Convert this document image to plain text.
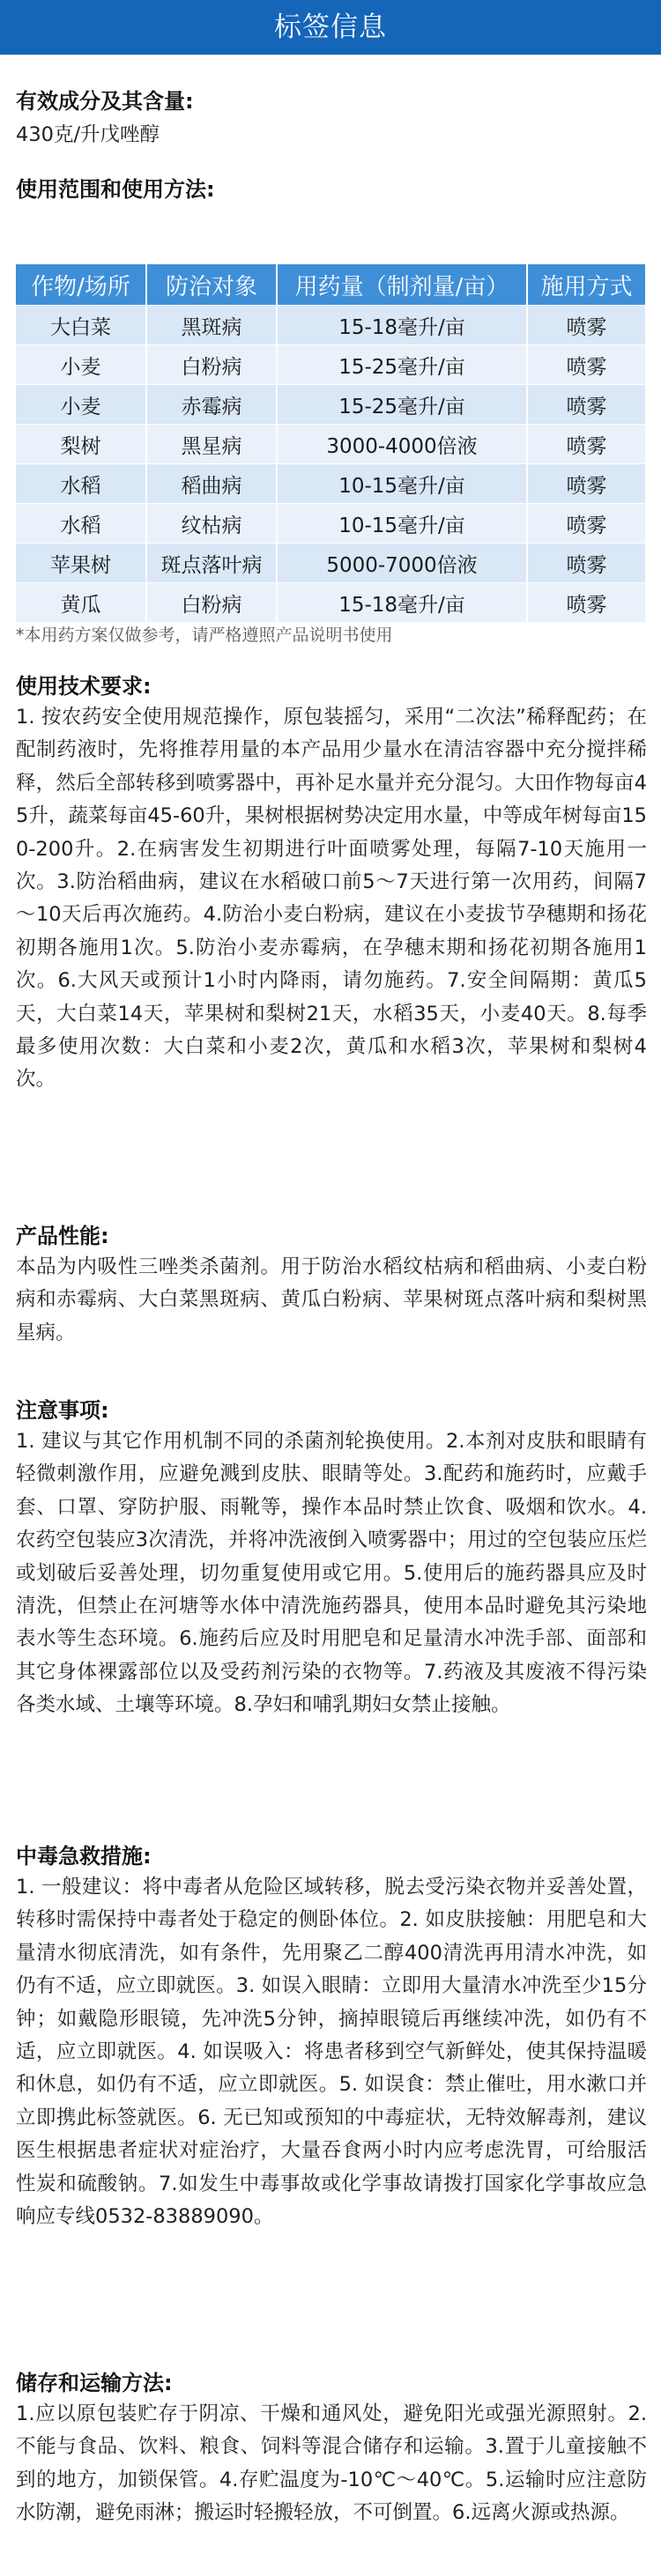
标签信息
有效成分及其含量:
430克/升戊唑醇
使用范围和使用方法:
作物/场所	防治对象	用药量（制剂量/亩）	施用方式
大白菜	黑斑病	15-18毫升/亩	喷雾
小麦	白粉病	15-25毫升/亩	喷雾
小麦	赤霉病	15-25毫升/亩	喷雾
梨树	黑星病	3000-4000倍液	喷雾
水稻	稻曲病	10-15毫升/亩	喷雾
水稻	纹枯病	10-15毫升/亩	喷雾
苹果树	斑点落叶病	5000-7000倍液	喷雾
黄瓜	白粉病	15-18毫升/亩	喷雾
*本用药方案仅做参考，请严格遵照产品说明书使用
使用技术要求:
1. 按农药安全使用规范操作，原包装摇匀，采用“二次法”稀释配药；在配制药液时，先将推荐用量的本产品用少量水在清洁容器中充分搅拌稀释，然后全部转移到喷雾器中，再补足水量并充分混匀。大田作物每亩45升，蔬菜每亩45-60升，果树根据树势决定用水量，中等成年树每亩150-200升。2.在病害发生初期进行叶面喷雾处理，每隔7-10天施用一次。3.防治稻曲病，建议在水稻破口前5～7天进行第一次用药，间隔7～10天后再次施药。4.防治小麦白粉病，建议在小麦拔节孕穗期和扬花初期各施用1次。5.防治小麦赤霉病，在孕穗末期和扬花初期各施用1次。6.大风天或预计1小时内降雨，请勿施药。7.安全间隔期：黄瓜5天，大白菜14天，苹果树和梨树21天，水稻35天，小麦40天。8.每季最多使用次数：大白菜和小麦2次，黄瓜和水稻3次，苹果树和梨树4次。
产品性能:
本品为内吸性三唑类杀菌剂。用于防治水稻纹枯病和稻曲病、小麦白粉病和赤霉病、大白菜黑斑病、黄瓜白粉病、苹果树斑点落叶病和梨树黑星病。
注意事项:
1. 建议与其它作用机制不同的杀菌剂轮换使用。2.本剂对皮肤和眼睛有轻微刺激作用，应避免溅到皮肤、眼睛等处。3.配药和施药时，应戴手套、口罩、穿防护服、雨靴等，操作本品时禁止饮食、吸烟和饮水。4.农药空包装应3次清洗，并将冲洗液倒入喷雾器中；用过的空包装应压烂或划破后妥善处理，切勿重复使用或它用。5.使用后的施药器具应及时清洗，但禁止在河塘等水体中清洗施药器具，使用本品时避免其污染地表水等生态环境。6.施药后应及时用肥皂和足量清水冲洗手部、面部和其它身体裸露部位以及受药剂污染的衣物等。7.药液及其废液不得污染各类水域、土壤等环境。8.孕妇和哺乳期妇女禁止接触。
中毒急救措施:
1. 一般建议：将中毒者从危险区域转移，脱去受污染衣物并妥善处置，转移时需保持中毒者处于稳定的侧卧体位。2. 如皮肤接触：用肥皂和大量清水彻底清洗，如有条件，先用聚乙二醇400清洗再用清水冲洗，如仍有不适，应立即就医。3. 如误入眼睛：立即用大量清水冲洗至少15分钟；如戴隐形眼镜，先冲洗5分钟，摘掉眼镜后再继续冲洗，如仍有不适，应立即就医。4. 如误吸入：将患者移到空气新鲜处，使其保持温暖和休息，如仍有不适，应立即就医。5. 如误食：禁止催吐，用水漱口并立即携此标签就医。6. 无已知或预知的中毒症状，无特效解毒剂，建议医生根据患者症状对症治疗，大量吞食两小时内应考虑洗胃，可给服活性炭和硫酸钠。7.如发生中毒事故或化学事故请拨打国家化学事故应急响应专线0532-83889090。
储存和运输方法:
1.应以原包装贮存于阴凉、干燥和通风处，避免阳光或强光源照射。2.不能与食品、饮料、粮食、饲料等混合储存和运输。3.置于儿童接触不到的地方，加锁保管。4.存贮温度为-10℃～40℃。5.运输时应注意防水防潮，避免雨淋；搬运时轻搬轻放，不可倒置。6.远离火源或热源。
